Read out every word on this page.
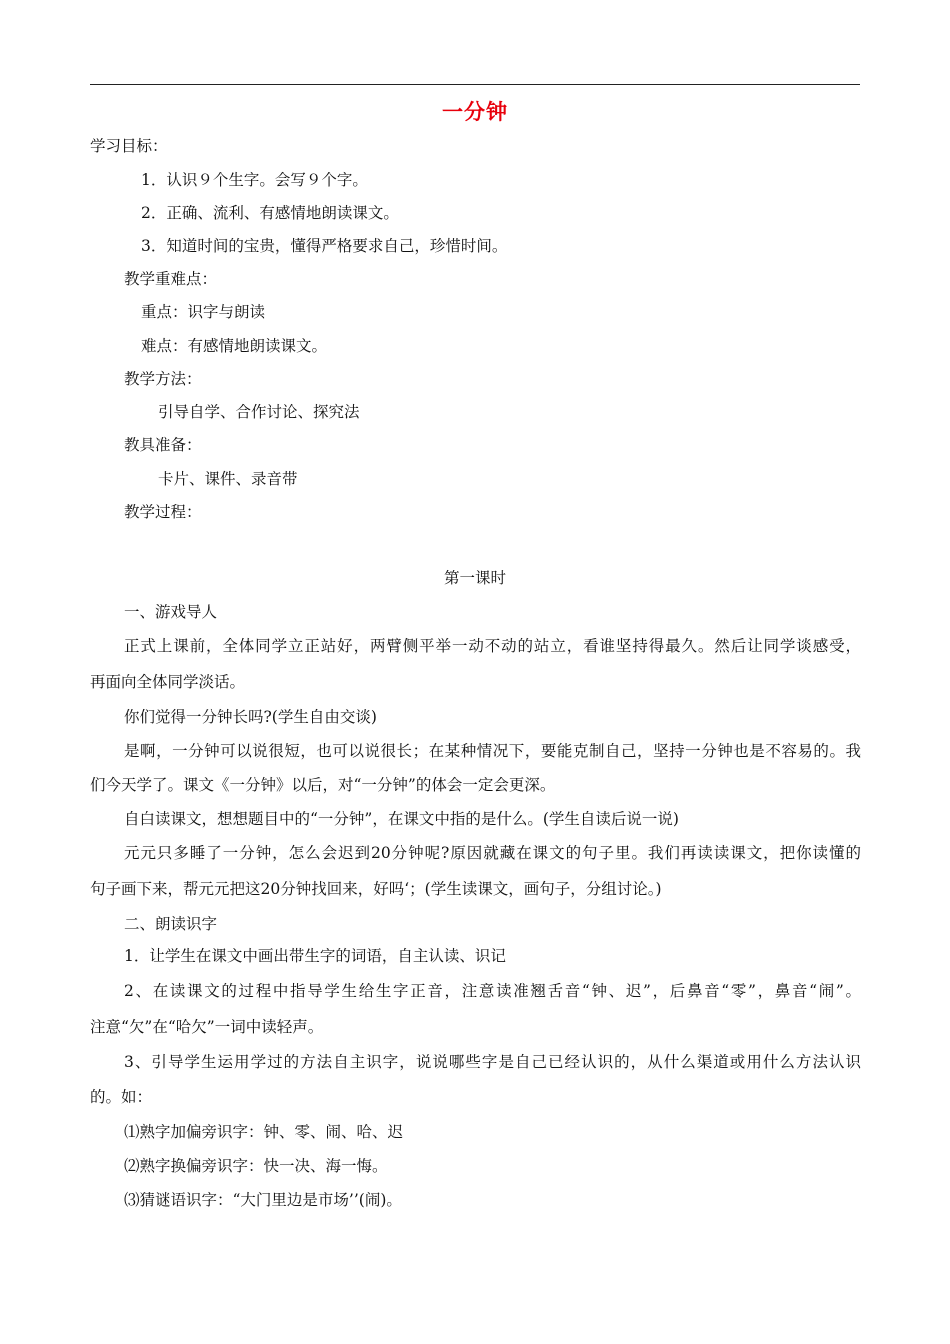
一分钟
学习目标：
1．认识９个生字。会写９个字。
2．正确、流利、有感情地朗读课文。
3．知道时间的宝贵，懂得严格要求自己，珍惜时间。
教学重难点：
重点：识字与朗读
难点：有感情地朗读课文。
教学方法：
引导自学、合作讨论、探究法
教具准备：
卡片、课件、录音带
教学过程：
第一课时
一、游戏导人
正式上课前，全体同学立正站好，两臂侧平举一动不动的站立，看谁坚持得最久。然后让同学谈感受，
再面向全体同学淡话。
你们觉得一分钟长吗?(学生自由交谈)
是啊，一分钟可以说很短，也可以说很长；在某种情况下，要能克制自己，坚持一分钟也是不容易的。我
们今天学了。课文《一分钟》以后，对“一分钟”的体会一定会更深。
自白读课文，想想题目中的“一分钟”，在课文中指的是什么。(学生自读后说一说)
元元只多睡了一分钟，怎么会迟到20分钟呢?原因就藏在课文的句子里。我们再读读课文，把你读懂的
句子画下来，帮元元把这20分钟找回来，好吗‘；(学生读课文，画句子，分组讨论。)
二、朗读识字
1．让学生在课文中画出带生字的词语，自主认读、识记
2、在读课文的过程中指导学生给生字正音，注意读准翘舌音“钟、迟”，后鼻音“零”，鼻音“闹”。
注意“欠”在“哈欠”一词中读轻声。
3、引导学生运用学过的方法自主识字，说说哪些字是自己已经认识的，从什么渠道或用什么方法认识
的。如：
⑴熟字加偏旁识字：钟、零、闹、哈、迟
⑵熟字换偏旁识字：快一决、海一悔。
⑶猜谜语识字：“大门里边是市场’’(闹)。
